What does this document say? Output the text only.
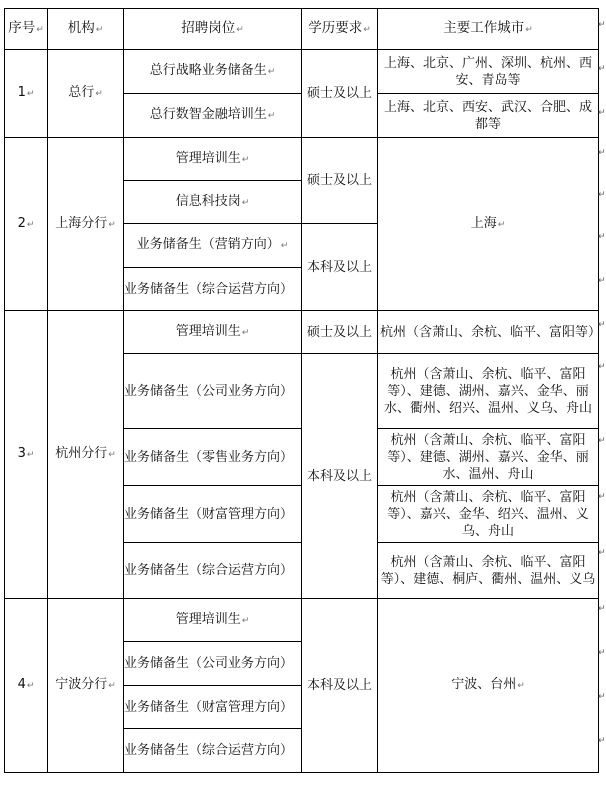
序号↵	机构↵	招聘岗位↵	学历要求↵	主要工作城市↵
1↵	总行↵	总行战略业务储备生↵	硕士及以上	上海、北京、广州、深圳、杭州、西安、青岛等
		总行数智金融培训生↵		上海、北京、西安、武汉、合肥、成都等
2↵	上海分行↵	管理培训生↵	硕士及以上	上海↵
		信息科技岗↵		
		业务储备生（营销方向）↵	本科及以上	
		业务储备生（综合运营方向）		
3↵	杭州分行↵	管理培训生↵	硕士及以上	杭州（含萧山、余杭、临平、富阳等）
		业务储备生（公司业务方向）	本科及以上	杭州（含萧山、余杭、临平、富阳等）、建德、湖州、嘉兴、金华、丽水、衢州、绍兴、温州、义乌、舟山
		业务储备生（零售业务方向）		杭州（含萧山、余杭、临平、富阳等）、建德、湖州、嘉兴、金华、丽水、温州、舟山
		业务储备生（财富管理方向）		杭州（含萧山、余杭、临平、富阳等）、嘉兴、金华、绍兴、温州、义乌、舟山
		业务储备生（综合运营方向）		杭州（含萧山、余杭、临平、富阳等）、建德、桐庐、衢州、温州、义乌
4↵	宁波分行↵	管理培训生↵	本科及以上	宁波、台州↵
		业务储备生（公司业务方向）		
		业务储备生（财富管理方向）		
		业务储备生（综合运营方向）		
↵
↵
↵
↵
↵
↵
↵
↵
↵
↵
↵
↵
↵
↵
↵
↵
